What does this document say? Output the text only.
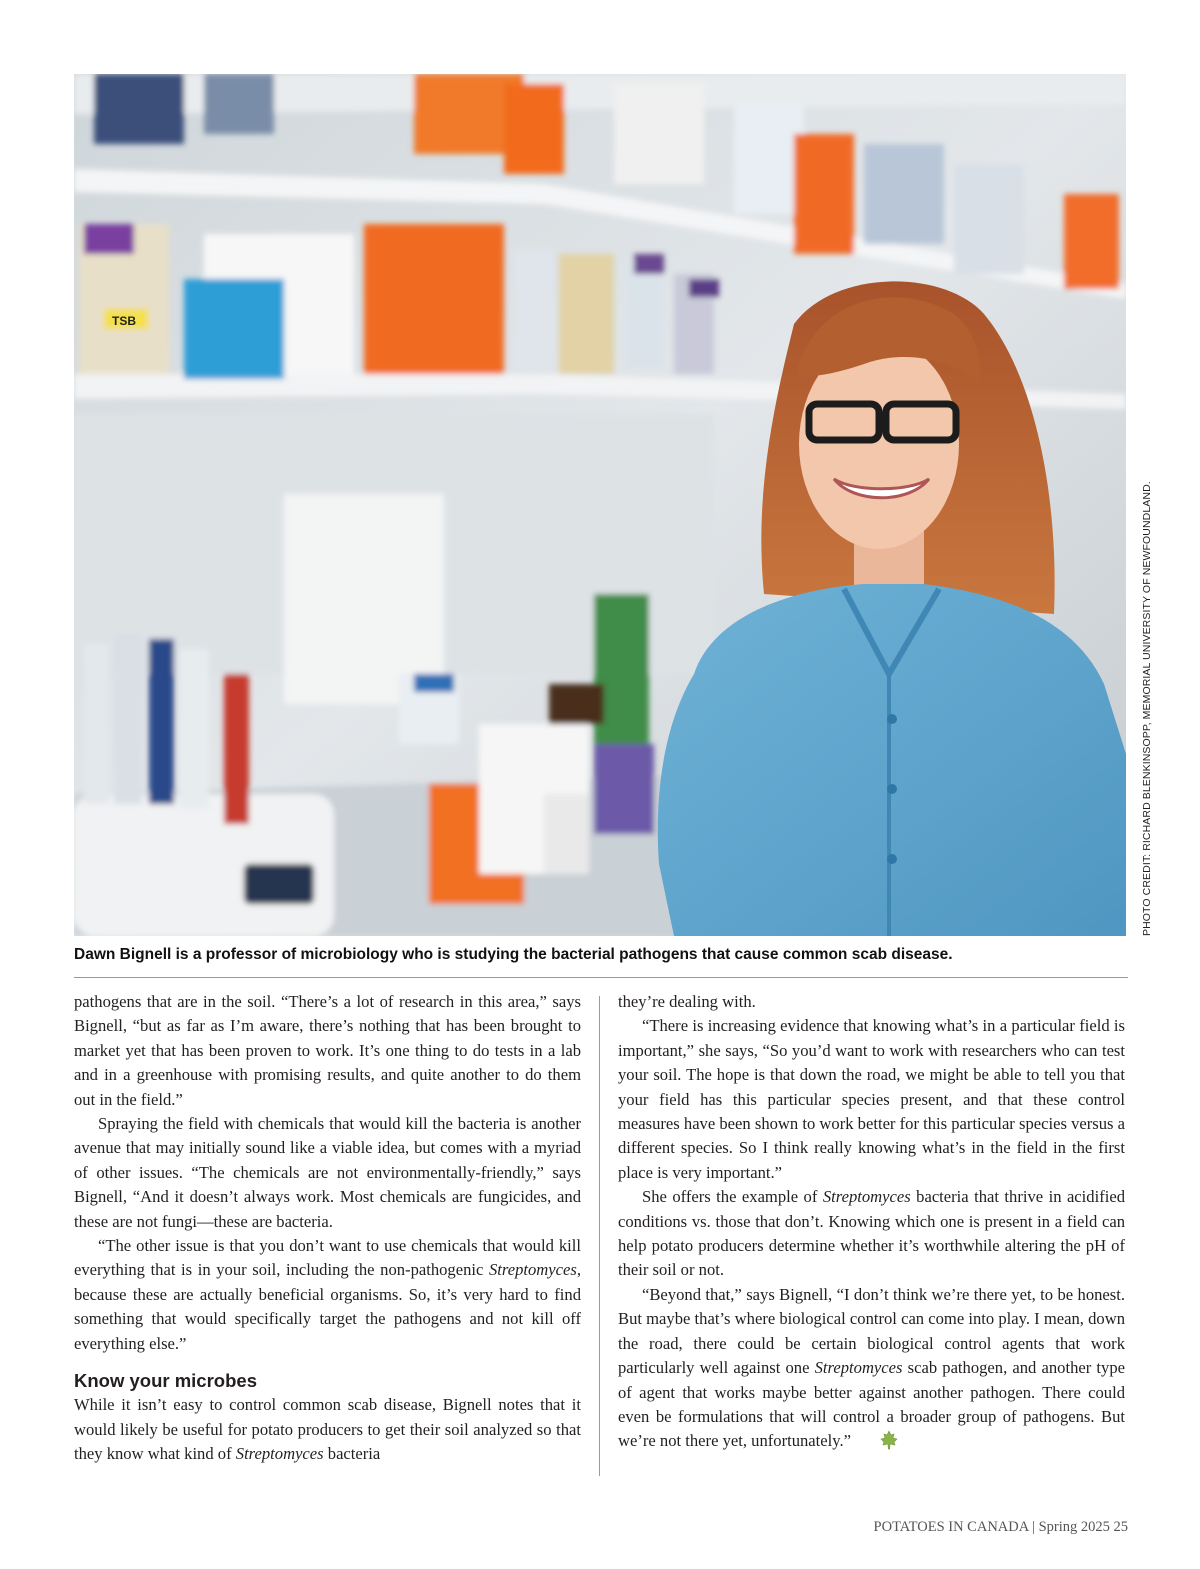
TSB
PHOTO CREDIT: RICHARD BLENKINSOPP, MEMORIAL UNIVERSITY OF NEWFOUNDLAND.
Dawn Bignell is a professor of microbiology who is studying the bacterial pathogens that cause common scab disease.

pathogens that are in the soil. “There’s a lot of research in this area,” says Bignell, “but as far as I’m aware, there’s nothing that has been brought to market yet that has been proven to work. It’s one thing to do tests in a lab and in a greenhouse with promising results, and quite another to do them out in the field.”

Spraying the field with chemicals that would kill the bacteria is another avenue that may initially sound like a viable idea, but comes with a myriad of other issues. “The chemicals are not environmentally-friendly,” says Bignell, “And it doesn’t always work. Most chemicals are fungicides, and these are not fungi—these are bacteria.

“The other issue is that you don’t want to use chemicals that would kill everything that is in your soil, including the non-pathogenic Streptomyces, because these are actually beneficial organisms. So, it’s very hard to find something that would specifically target the pathogens and not kill off everything else.”

Know your microbes

While it isn’t easy to control common scab disease, Bignell notes that it would likely be useful for potato producers to get their soil analyzed so that they know what kind of Streptomyces bacteria

they’re dealing with.

“There is increasing evidence that knowing what’s in a particular field is important,” she says, “So you’d want to work with researchers who can test your soil. The hope is that down the road, we might be able to tell you that your field has this particular species present, and that these control measures have been shown to work better for this particular species versus a different species. So I think really knowing what’s in the field in the first place is very important.”

She offers the example of Streptomyces bacteria that thrive in acidified conditions vs. those that don’t. Knowing which one is present in a field can help potato producers determine whether it’s worthwhile altering the pH of their soil or not.

“Beyond that,” says Bignell, “I don’t think we’re there yet, to be honest. But maybe that’s where biological control can come into play. I mean, down the road, there could be certain biological control agents that work particularly well against one Streptomyces scab pathogen, and another type of agent that works maybe better against another pathogen. There could even be formulations that will control a broader group of pathogens. But we’re not there yet, unfortunately.”

POTATOES IN CANADA | Spring 2025 25
